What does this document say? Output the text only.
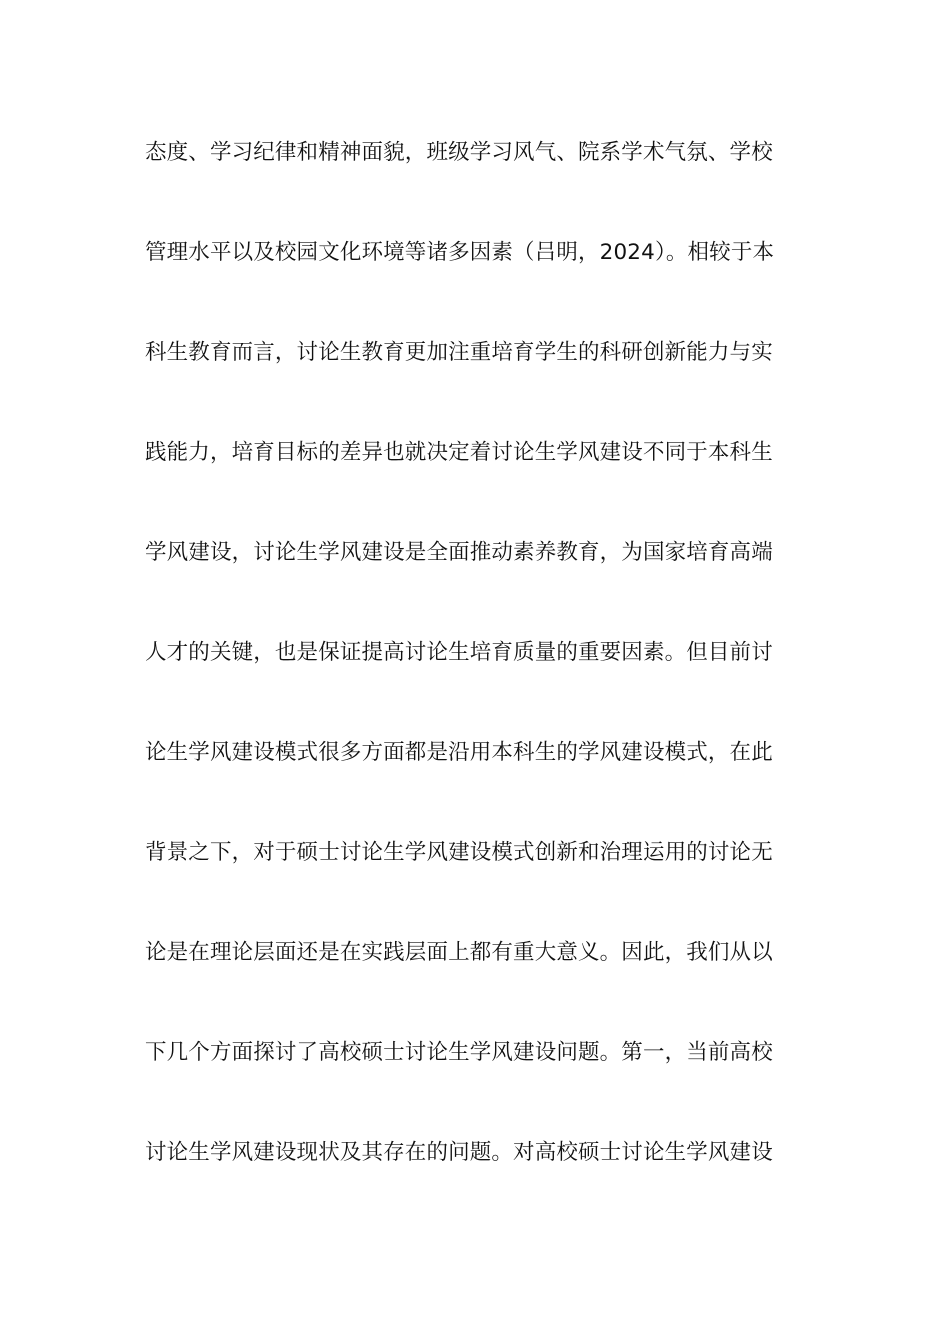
态度、学习纪律和精神面貌，班级学习风气、院系学术气氛、学校
管理水平以及校园文化环境等诸多因素（吕明，2024）。相较于本
科生教育而言，讨论生教育更加注重培育学生的科研创新能力与实
践能力，培育目标的差异也就决定着讨论生学风建设不同于本科生
学风建设，讨论生学风建设是全面推动素养教育，为国家培育高端
人才的关键，也是保证提高讨论生培育质量的重要因素。但目前讨
论生学风建设模式很多方面都是沿用本科生的学风建设模式，在此
背景之下，对于硕士讨论生学风建设模式创新和治理运用的讨论无
论是在理论层面还是在实践层面上都有重大意义。因此，我们从以
下几个方面探讨了高校硕士讨论生学风建设问题。第一，当前高校
讨论生学风建设现状及其存在的问题。对高校硕士讨论生学风建设
